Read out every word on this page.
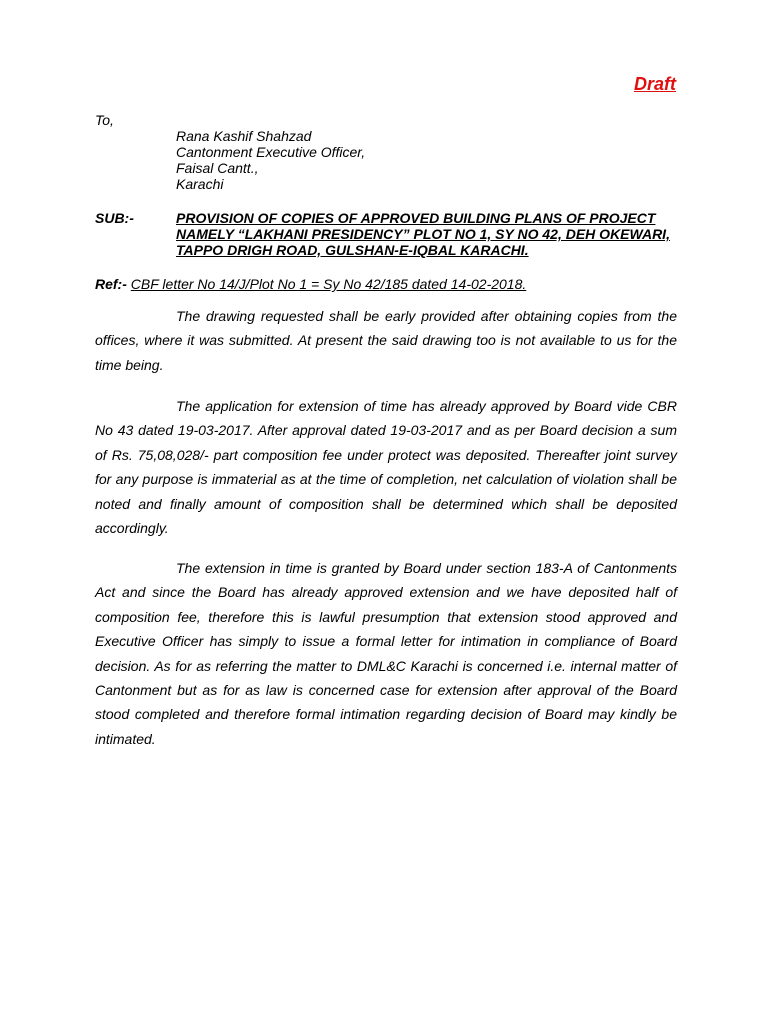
Draft
To,
Rana Kashif Shahzad
Cantonment Executive Officer,
Faisal Cantt.,
Karachi
SUB:-	PROVISION OF COPIES OF APPROVED BUILDING PLANS OF PROJECT NAMELY “LAKHANI PRESIDENCY” PLOT NO 1, SY NO 42, DEH OKEWARI, TAPPO DRIGH ROAD, GULSHAN-E-IQBAL KARACHI.
Ref:- CBF letter No 14/J/Plot No 1 = Sy No 42/185 dated 14-02-2018.

The drawing requested shall be early provided after obtaining copies from the offices, where it was submitted. At present the said drawing too is not available to us for the time being.

The application for extension of time has already approved by Board vide CBR No 43 dated 19-03-2017. After approval dated 19-03-2017 and as per Board decision a sum of Rs. 75,08,028/- part composition fee under protect was deposited. Thereafter joint survey for any purpose is immaterial as at the time of completion, net calculation of violation shall be noted and finally amount of composition shall be determined which shall be deposited accordingly.

The extension in time is granted by Board under section 183-A of Cantonments Act and since the Board has already approved extension and we have deposited half of composition fee, therefore this is lawful presumption that extension stood approved and Executive Officer has simply to issue a formal letter for intimation in compliance of Board decision. As for as referring the matter to DML&C Karachi is concerned i.e. internal matter of Cantonment but as for as law is concerned case for extension after approval of the Board stood completed and therefore formal intimation regarding decision of Board may kindly be intimated.
